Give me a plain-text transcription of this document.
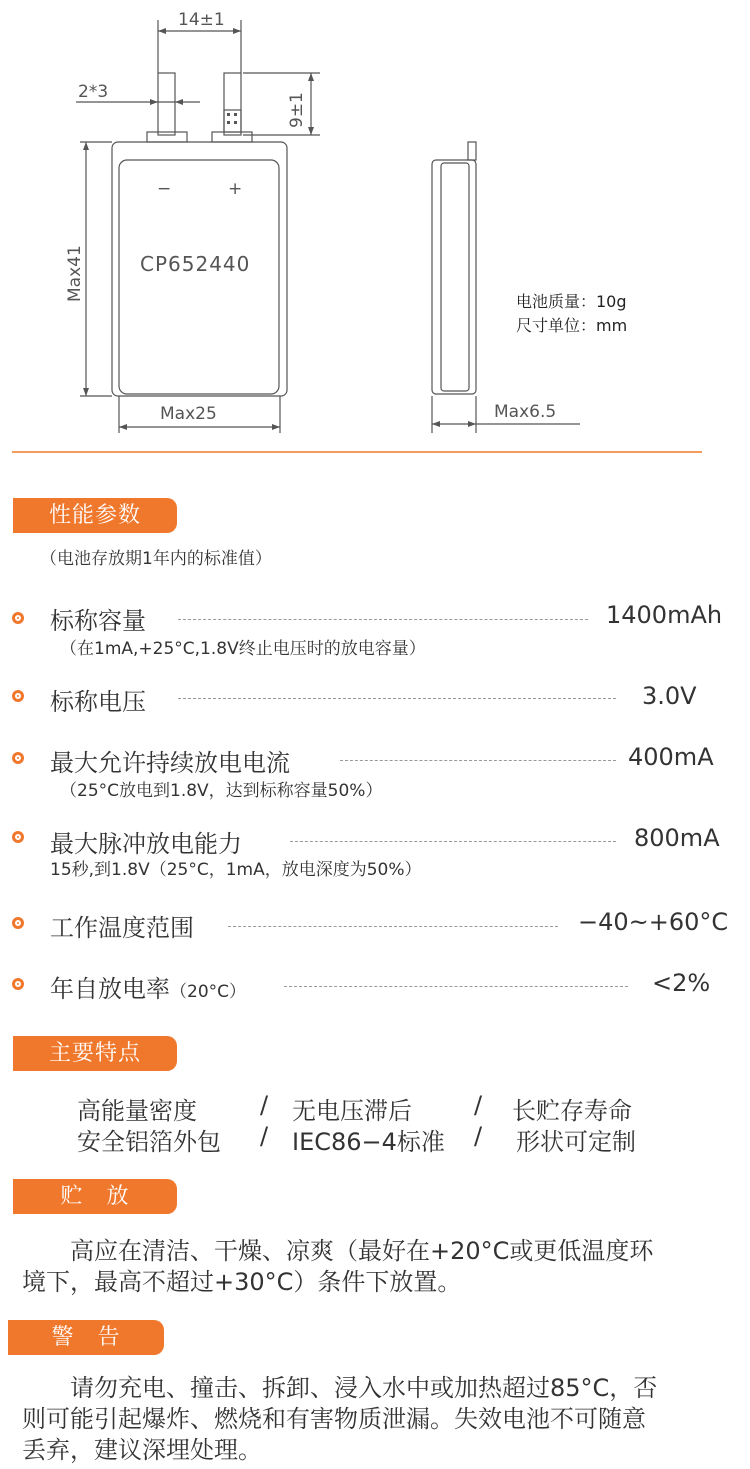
14±1
2*3
9±1
Max41
Max25	Max6.5
CP652440
−	+
电池质量：10g
尺寸单位：mm
性能参数
（电池存放期1年内的标准值）
标称容量	1400mAh
（在1mA,+25°C,1.8V终止电压时的放电容量）
标称电压	3.0V
最大允许持续放电电流	400mA
（25°C放电到1.8V，达到标称容量50%）
最大脉冲放电能力	800mA
15秒,到1.8V（25°C，1mA，放电深度为50%）
工作温度范围	−40~+60°C
年自放电率（20°C）	<2%
主要特点
高能量密度	/ 无电压滞后	/ 长贮存寿命
安全铝箔外包 / IEC86−4标准 / 形状可定制
贮　放
　　高应在清洁、干燥、凉爽（最好在+20°C或更低温度环
境下，最高不超过+30°C）条件下放置。
警　告
　　请勿充电、撞击、拆卸、浸入水中或加热超过85°C，否
则可能引起爆炸、燃烧和有害物质泄漏。失效电池不可随意
丢弃，建议深埋处理。
